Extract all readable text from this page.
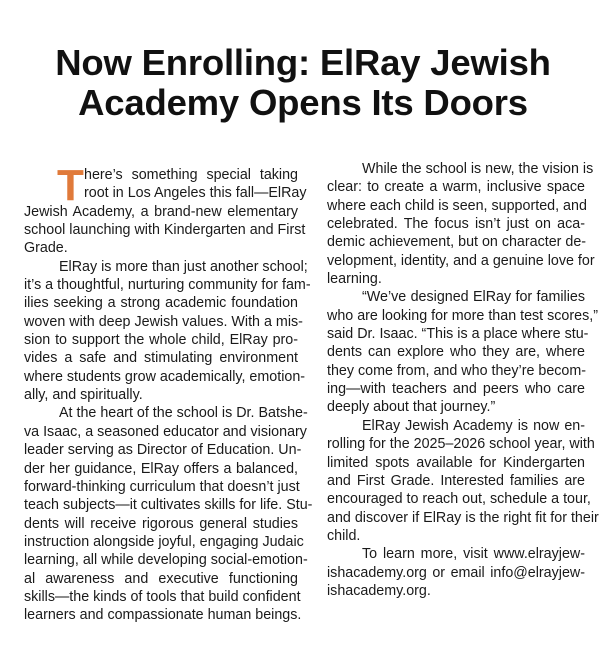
Now Enrolling: ElRay Jewish
Academy Opens Its Doors
T here’s something special taking
root in Los Angeles this fall—ElRay
Jewish Academy, a brand-new elementary
school launching with Kindergarten and First
Grade.
ElRay is more than just another school;
it’s a thoughtful, nurturing community for fam-
ilies seeking a strong academic foundation
woven with deep Jewish values. With a mis-
sion to support the whole child, ElRay pro-
vides a safe and stimulating environment
where students grow academically, emotion-
ally, and spiritually.
At the heart of the school is Dr. Batshe-
va Isaac, a seasoned educator and visionary
leader serving as Director of Education. Un-
der her guidance, ElRay offers a balanced,
forward-thinking curriculum that doesn’t just
teach subjects—it cultivates skills for life. Stu-
dents will receive rigorous general studies
instruction alongside joyful, engaging Judaic
learning, all while developing social-emotion-
al awareness and executive functioning
skills—the kinds of tools that build confident
learners and compassionate human beings.
While the school is new, the vision is
clear: to create a warm, inclusive space
where each child is seen, supported, and
celebrated. The focus isn’t just on aca-
demic achievement, but on character de-
velopment, identity, and a genuine love for
learning.
“We’ve designed ElRay for families
who are looking for more than test scores,”
said Dr. Isaac. “This is a place where stu-
dents can explore who they are, where
they come from, and who they’re becom-
ing—with teachers and peers who care
deeply about that journey.”
ElRay Jewish Academy is now en-
rolling for the 2025–2026 school year, with
limited spots available for Kindergarten
and First Grade. Interested families are
encouraged to reach out, schedule a tour,
and discover if ElRay is the right fit for their
child.
To learn more, visit www.elrayjew-
ishacademy.org or email info@elrayjew-
ishacademy.org.
